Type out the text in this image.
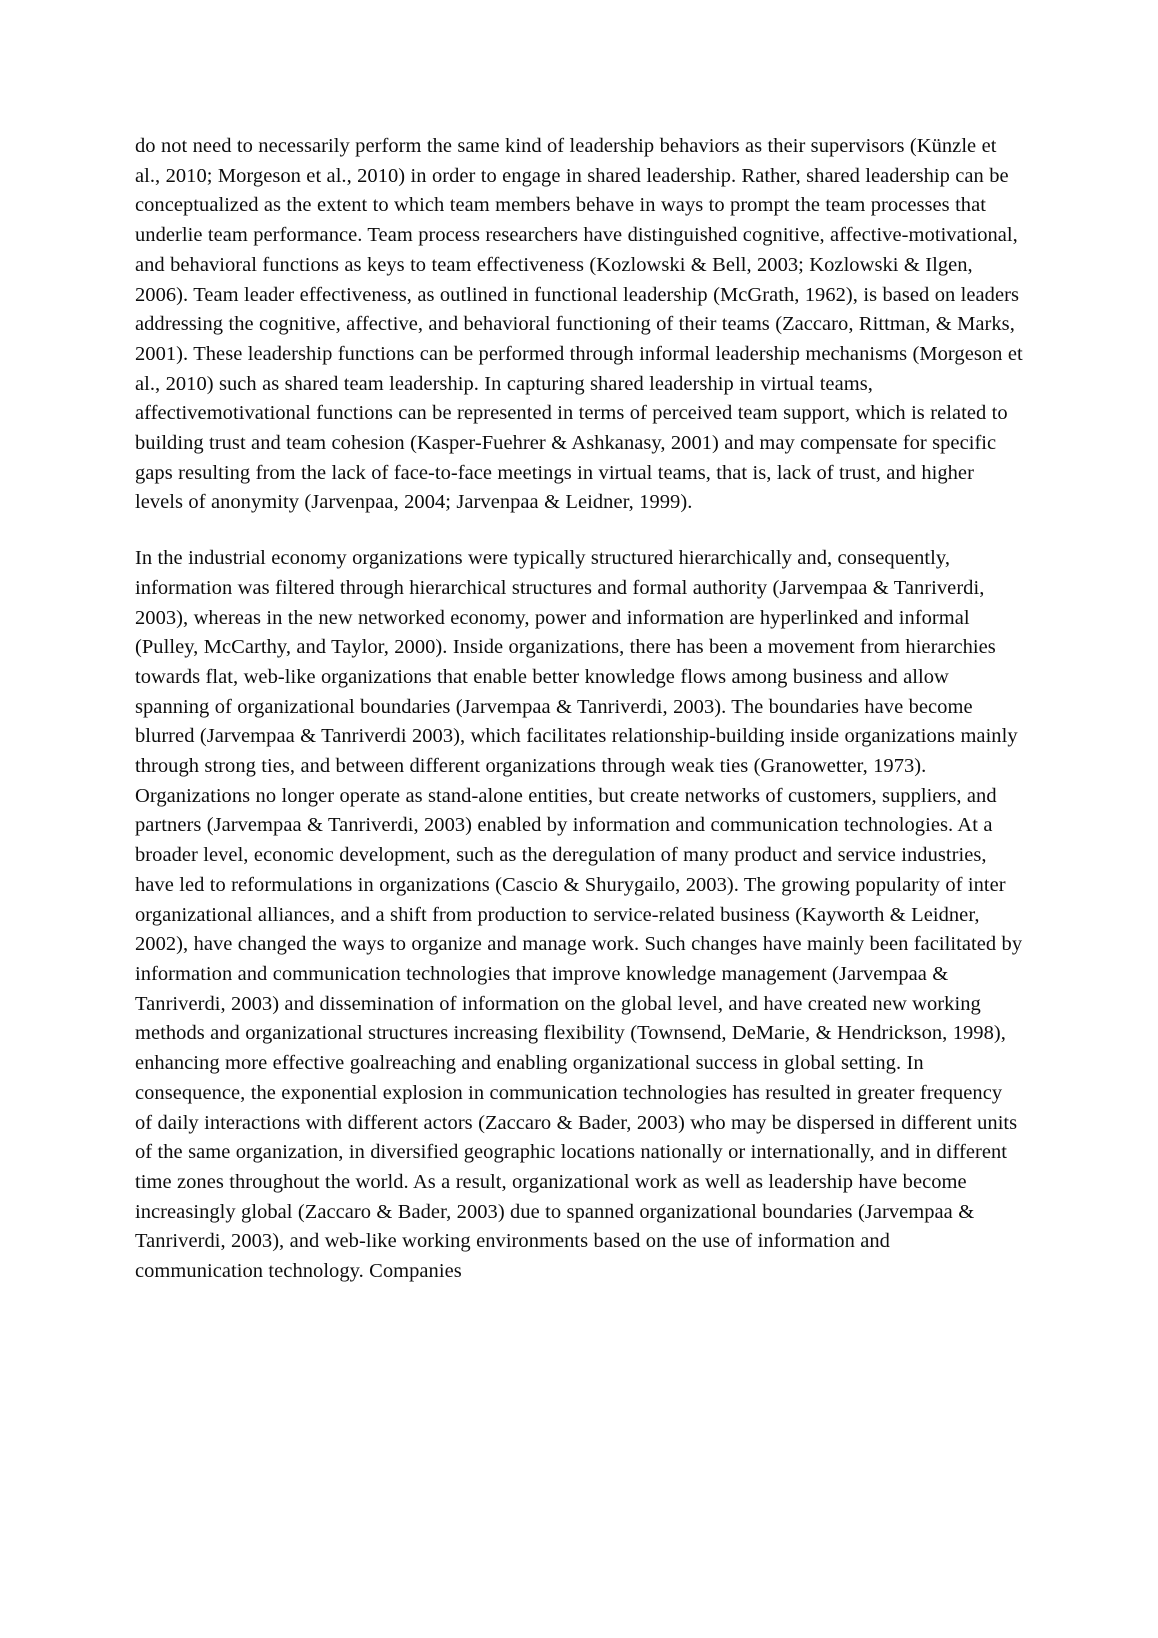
do not need to necessarily perform the same kind of leadership behaviors as their supervisors (Künzle et al., 2010; Morgeson et al., 2010) in order to engage in shared leadership. Rather, shared leadership can be conceptualized as the extent to which team members behave in ways to prompt the team processes that underlie team performance. Team process researchers have distinguished cognitive, affective-motivational, and behavioral functions as keys to team effectiveness (Kozlowski & Bell, 2003; Kozlowski & Ilgen, 2006). Team leader effectiveness, as outlined in functional leadership (McGrath, 1962), is based on leaders addressing the cognitive, affective, and behavioral functioning of their teams (Zaccaro, Rittman, & Marks, 2001). These leadership functions can be performed through informal leadership mechanisms (Morgeson et al., 2010) such as shared team leadership. In capturing shared leadership in virtual teams, affectivemotivational functions can be represented in terms of perceived team support, which is related to building trust and team cohesion (Kasper-Fuehrer & Ashkanasy, 2001) and may compensate for specific gaps resulting from the lack of face-to-face meetings in virtual teams, that is, lack of trust, and higher levels of anonymity (Jarvenpaa, 2004; Jarvenpaa & Leidner, 1999).

In the industrial economy organizations were typically structured hierarchically and, consequently, information was filtered through hierarchical structures and formal authority (Jarvempaa & Tanriverdi, 2003), whereas in the new networked economy, power and information are hyperlinked and informal (Pulley, McCarthy, and Taylor, 2000). Inside organizations, there has been a movement from hierarchies towards flat, web-like organizations that enable better knowledge flows among business and allow spanning of organizational boundaries (Jarvempaa & Tanriverdi, 2003). The boundaries have become blurred (Jarvempaa & Tanriverdi 2003), which facilitates relationship-building inside organizations mainly through strong ties, and between different organizations through weak ties (Granowetter, 1973). Organizations no longer operate as stand-alone entities, but create networks of customers, suppliers, and partners (Jarvempaa & Tanriverdi, 2003) enabled by information and communication technologies. At a broader level, economic development, such as the deregulation of many product and service industries, have led to reformulations in organizations (Cascio & Shurygailo, 2003). The growing popularity of inter organizational alliances, and a shift from production to service-related business (Kayworth & Leidner, 2002), have changed the ways to organize and manage work. Such changes have mainly been facilitated by information and communication technologies that improve knowledge management (Jarvempaa & Tanriverdi, 2003) and dissemination of information on the global level, and have created new working methods and organizational structures increasing flexibility (Townsend, DeMarie, & Hendrickson, 1998), enhancing more effective goalreaching and enabling organizational success in global setting. In consequence, the exponential explosion in communication technologies has resulted in greater frequency of daily interactions with different actors (Zaccaro & Bader, 2003) who may be dispersed in different units of the same organization, in diversified geographic locations nationally or internationally, and in different time zones throughout the world. As a result, organizational work as well as leadership have become increasingly global (Zaccaro & Bader, 2003) due to spanned organizational boundaries (Jarvempaa & Tanriverdi, 2003), and web-like working environments based on the use of information and communication technology. Companies
